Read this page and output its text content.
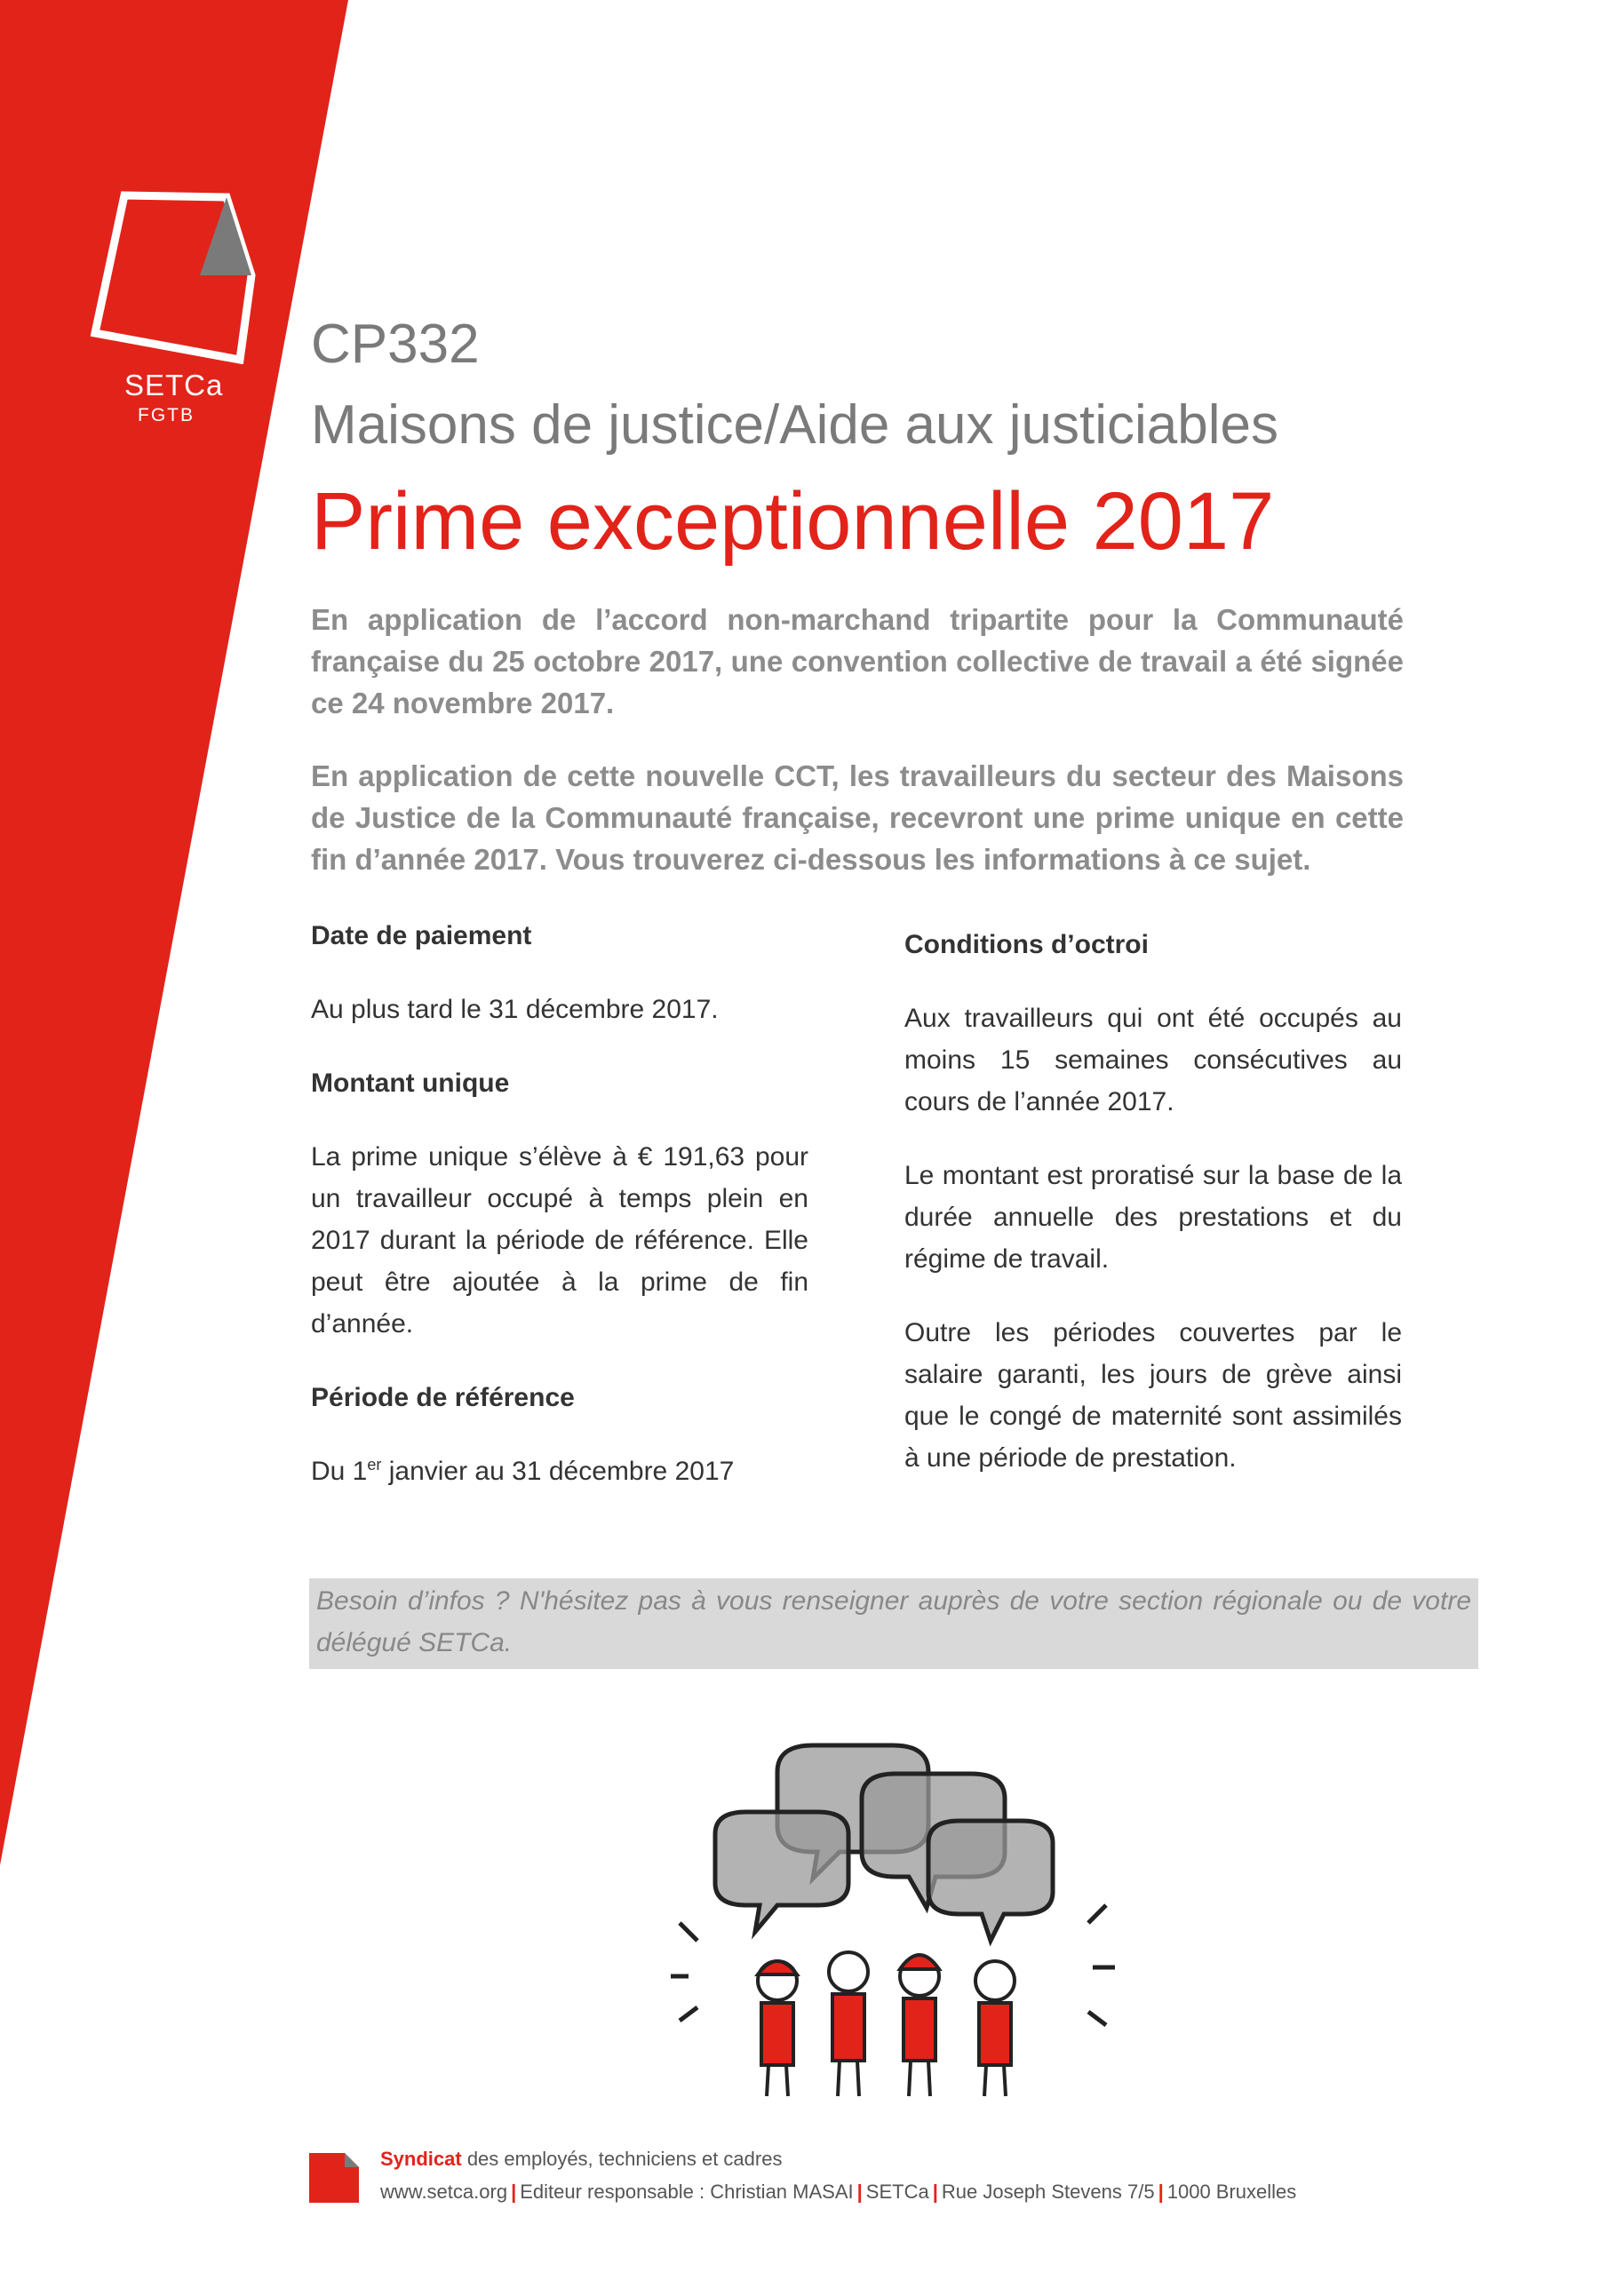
SETCa
FGTB
CP332
Maisons de justice/Aide aux justiciables
Prime exceptionnelle 2017

En application de l’accord non-marchand tripartite pour la Communauté française du 25 octobre 2017, une convention collective de travail a été signée ce 24 novembre 2017.

En application de cette nouvelle CCT, les travailleurs du secteur des Maisons de Justice de la Communauté française, recevront une prime unique en cette fin d’année 2017. Vous trouverez ci-dessous les informations à ce sujet.

Date de paiement

Au plus tard le 31 décembre 2017.

Montant unique

La prime unique s’élève à € 191,63 pour un travailleur occupé à temps plein en 2017 durant la période de référence. Elle peut être ajoutée à la prime de fin d’année.

Période de référence

Du 1er janvier au 31 décembre 2017

Conditions d’octroi

Aux travailleurs qui ont été occupés au moins 15 semaines consécutives au cours de l’année 2017.

Le montant est proratisé sur la base de la durée annuelle des prestations et du régime de travail.

Outre les périodes couvertes par le salaire garanti, les jours de grève ainsi que le congé de maternité sont assimilés à une période de prestation.

Besoin d’infos ? N'hésitez pas à vous renseigner auprès de votre section régionale ou de votre délégué SETCa.
Syndicat des employés, techniciens et cadres
www.setca.org | Editeur responsable : Christian MASAI | SETCa | Rue Joseph Stevens 7/5 | 1000 Bruxelles
